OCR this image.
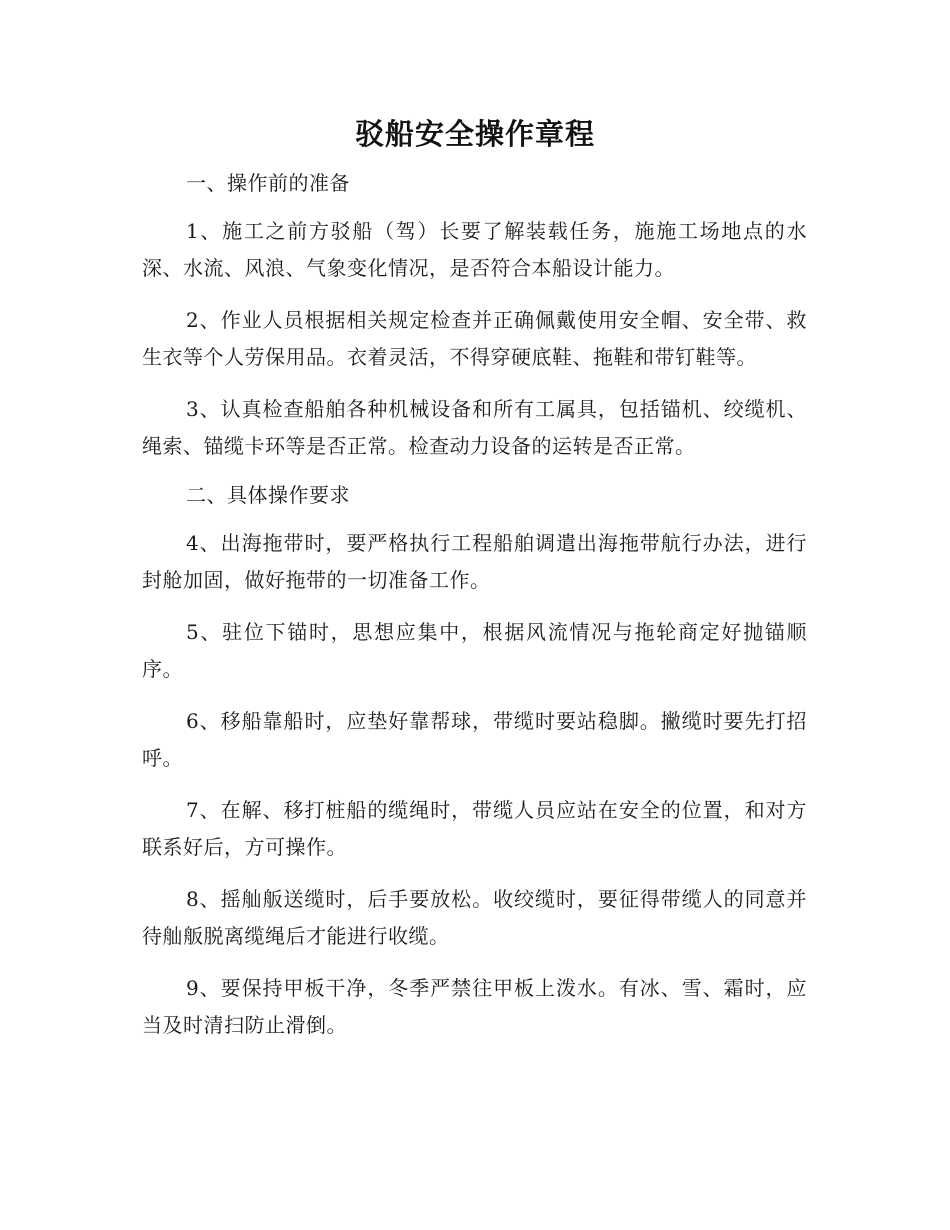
驳船安全操作章程

一、操作前的准备

1、施工之前方驳船（驾）长要了解装载任务，施施工场地点的水深、水流、风浪、气象变化情况，是否符合本船设计能力。

2、作业人员根据相关规定检查并正确佩戴使用安全帽、安全带、救生衣等个人劳保用品。衣着灵活，不得穿硬底鞋、拖鞋和带钉鞋等。

3、认真检查船舶各种机械设备和所有工属具，包括锚机、绞缆机、绳索、锚缆卡环等是否正常。检查动力设备的运转是否正常。

二、具体操作要求

4、出海拖带时，要严格执行工程船舶调遣出海拖带航行办法，进行封舱加固，做好拖带的一切准备工作。

5、驻位下锚时，思想应集中，根据风流情况与拖轮商定好抛锚顺序。

6、移船靠船时，应垫好靠帮球，带缆时要站稳脚。撇缆时要先打招呼。

7、在解、移打桩船的缆绳时，带缆人员应站在安全的位置，和对方联系好后，方可操作。

8、摇舢舨送缆时，后手要放松。收绞缆时，要征得带缆人的同意并待舢舨脱离缆绳后才能进行收缆。

9、要保持甲板干净，冬季严禁往甲板上泼水。有冰、雪、霜时，应当及时清扫防止滑倒。
